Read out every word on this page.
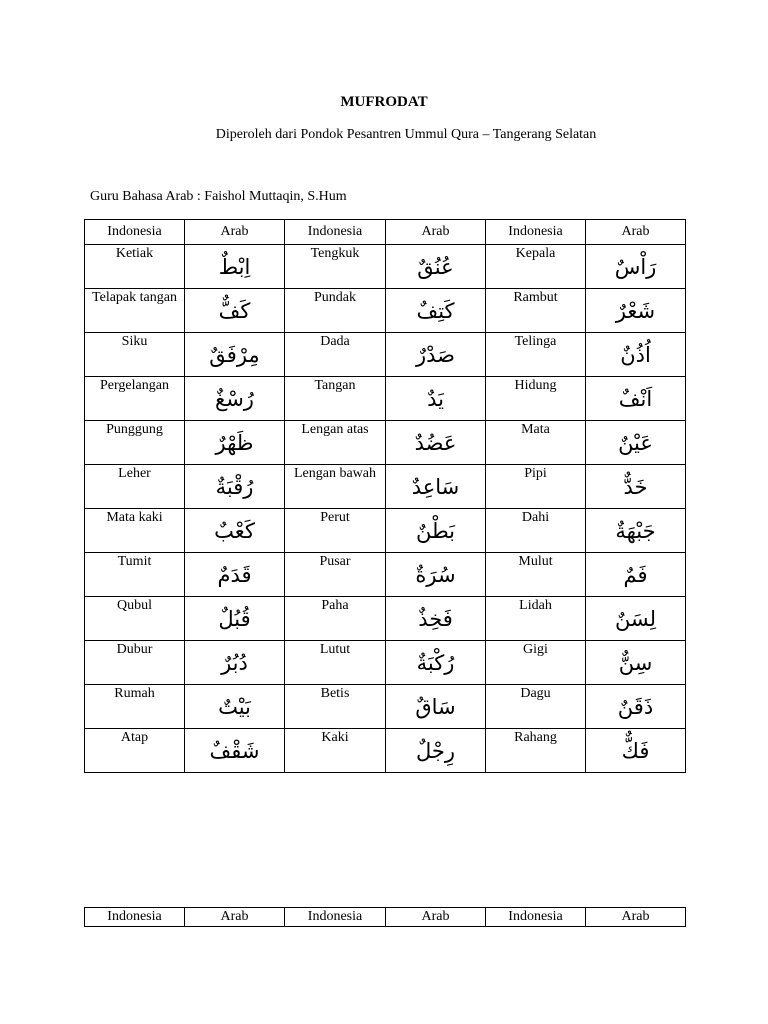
MUFRODAT
Diperoleh dari Pondok Pesantren Ummul Qura – Tangerang Selatan
Guru Bahasa Arab : Faishol Muttaqin, S.Hum
Indonesia	Arab	Indonesia	Arab	Indonesia	Arab
Ketiak	اِبْطٌ	Tengkuk	عُنُقٌ	Kepala	رَاْسٌ
Telapak tangan	كَفٌّ	Pundak	كَتِفٌ	Rambut	شَعْرٌ
Siku	مِرْفَقٌ	Dada	صَدْرٌ	Telinga	اُذُنٌ
Pergelangan	رُسْغٌ	Tangan	يَدٌ	Hidung	اَنْفٌ
Punggung	ظَهْرٌ	Lengan atas	عَضُدٌ	Mata	عَيْنٌ
Leher	رُقْبَةٌ	Lengan bawah	سَاعِدٌ	Pipi	خَدٌّ
Mata kaki	كَعْبٌ	Perut	بَطْنٌ	Dahi	جَبْهَةٌ
Tumit	قَدَمٌ	Pusar	سُرَةٌ	Mulut	فَمٌ
Qubul	قُبُلٌ	Paha	فَخِذٌ	Lidah	لِسَنٌ
Dubur	دُبُرٌ	Lutut	رُكْبَةٌ	Gigi	سِنٌّ
Rumah	بَيْتٌ	Betis	سَاقٌ	Dagu	ذَقَنٌ
Atap	شَقْفٌ	Kaki	رِجْلٌ	Rahang	فَكٌّ
Indonesia	Arab	Indonesia	Arab	Indonesia	Arab
